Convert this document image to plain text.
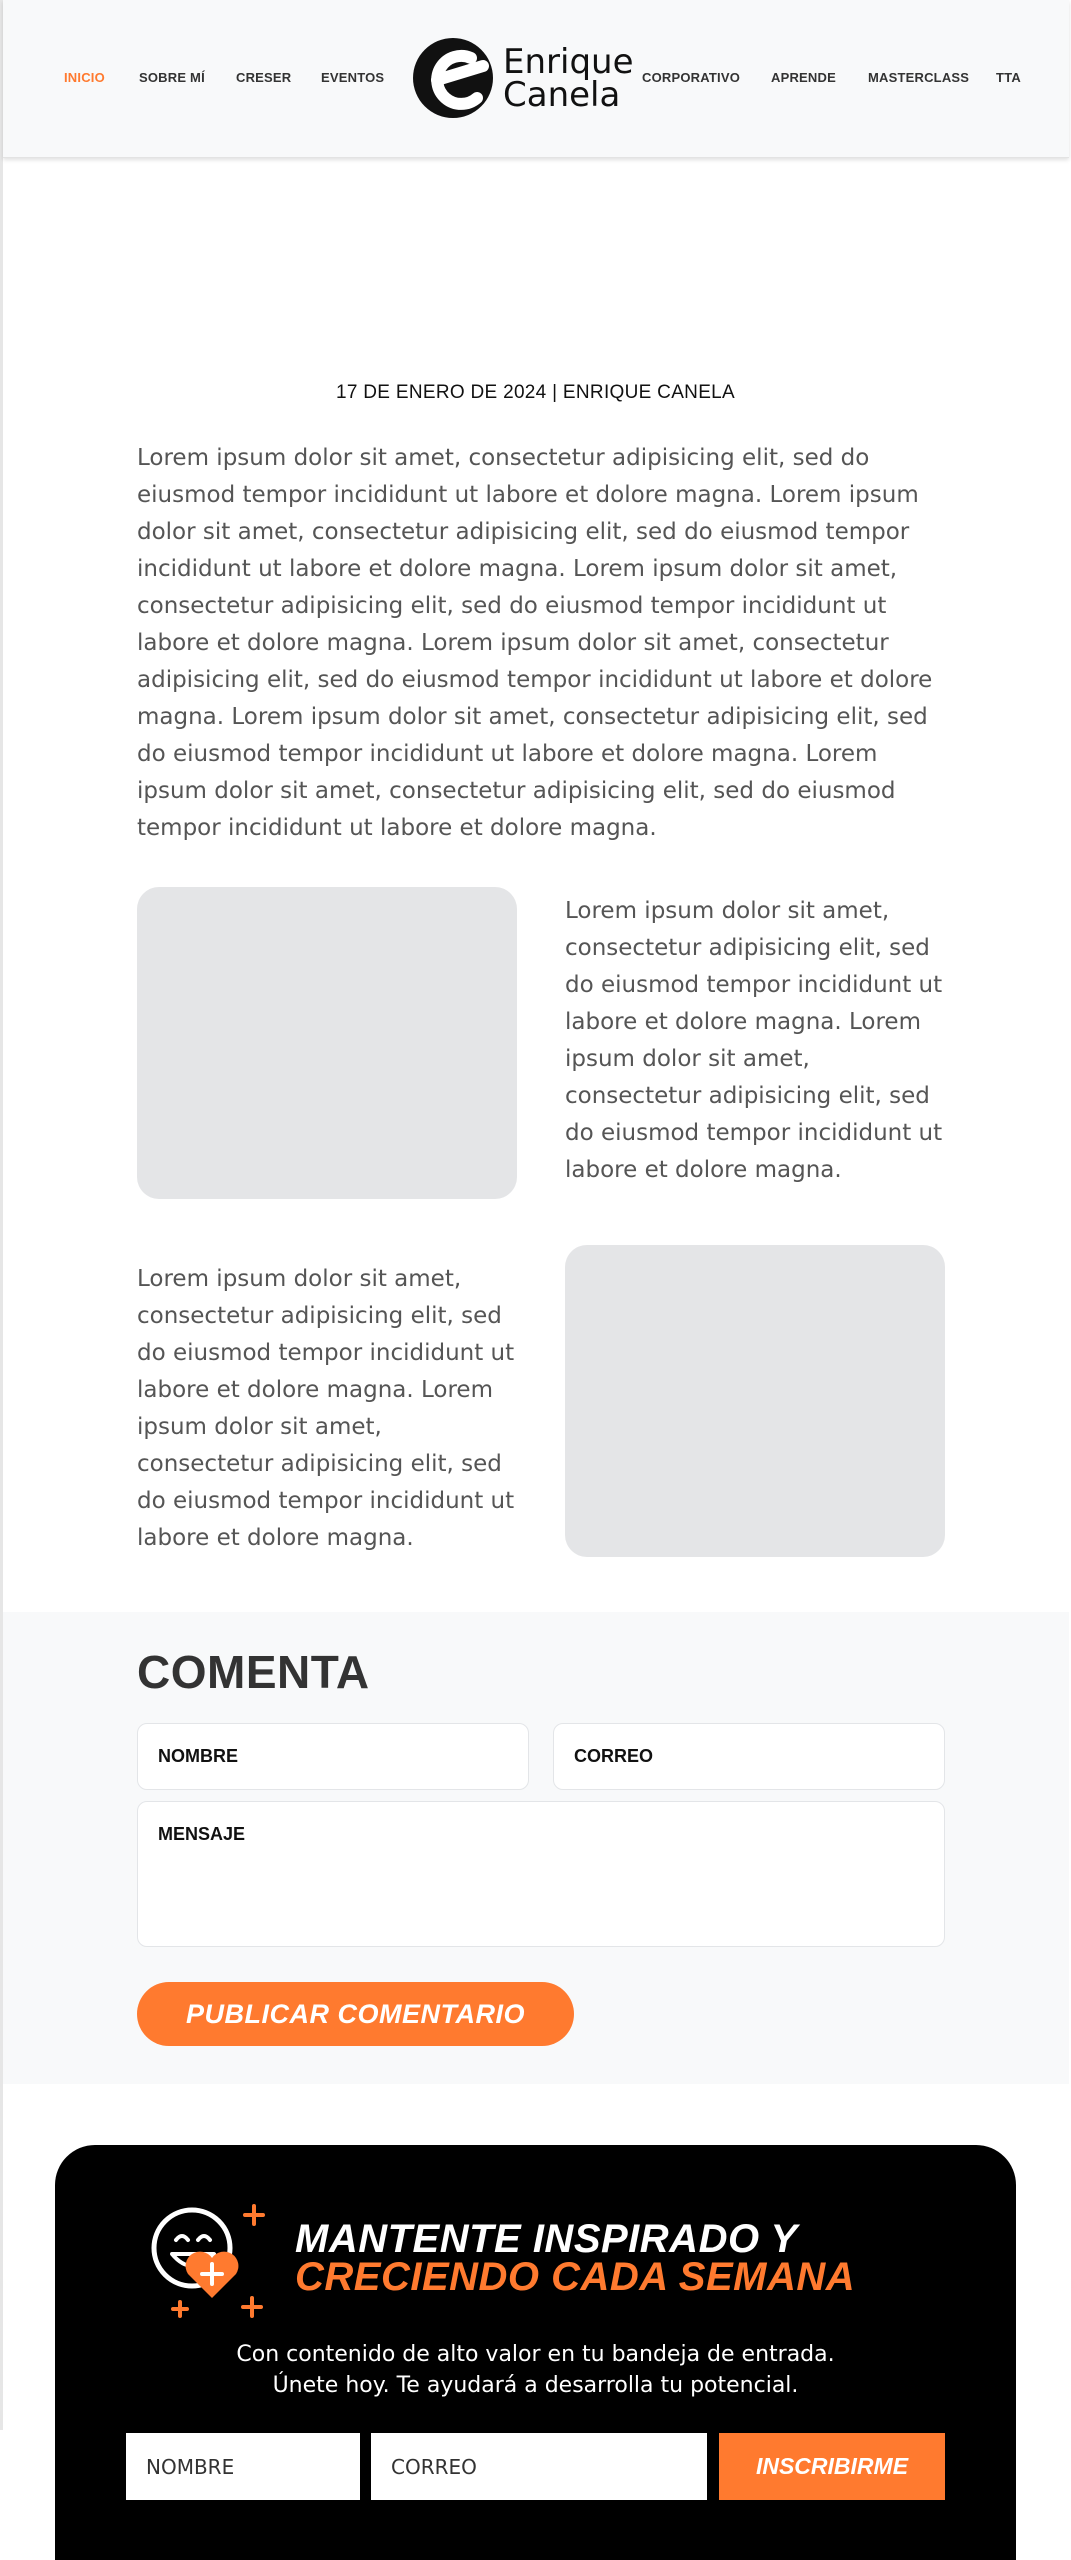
INICIO	SOBRE MÍ CRESER EVENTOS	Enrique
Canela	CORPORATIVO APRENDE MASTERCLASS TTA
17 DE ENERO DE 2024 | ENRIQUE CANELA

Lorem ipsum dolor sit amet, consectetur adipisicing elit, sed do eiusmod tempor incididunt ut labore et dolore magna. Lorem ipsum dolor sit amet, consectetur adipisicing elit, sed do eiusmod tempor incididunt ut labore et dolore magna. Lorem ipsum dolor sit amet, consectetur adipisicing elit, sed do eiusmod tempor incididunt ut labore et dolore magna. Lorem ipsum dolor sit amet, consectetur adipisicing elit, sed do eiusmod tempor incididunt ut labore et dolore magna. Lorem ipsum dolor sit amet, consectetur adipisicing elit, sed do eiusmod tempor incididunt ut labore et dolore magna. Lorem ipsum dolor sit amet, consectetur adipisicing elit, sed do eiusmod tempor incididunt ut labore et dolore magna.

Lorem ipsum dolor sit amet, consectetur adipisicing elit, sed do eiusmod tempor incididunt ut labore et dolore magna. Lorem ipsum dolor sit amet, consectetur adipisicing elit, sed do eiusmod tempor incididunt ut labore et dolore magna.

Lorem ipsum dolor sit amet, consectetur adipisicing elit, sed do eiusmod tempor incididunt ut labore et dolore magna. Lorem ipsum dolor sit amet, consectetur adipisicing elit, sed do eiusmod tempor incididunt ut labore et dolore magna.

COMENTA
NOMBRE
CORREO
MENSAJE
PUBLICAR COMENTARIO
MANTENTE INSPIRADO Y
CRECIENDO CADA SEMANA

Con contenido de alto valor en tu bandeja de entrada.

Únete hoy. Te ayudará a desarrolla tu potencial.

NOMBRE
CORREO
INSCRIBIRME
